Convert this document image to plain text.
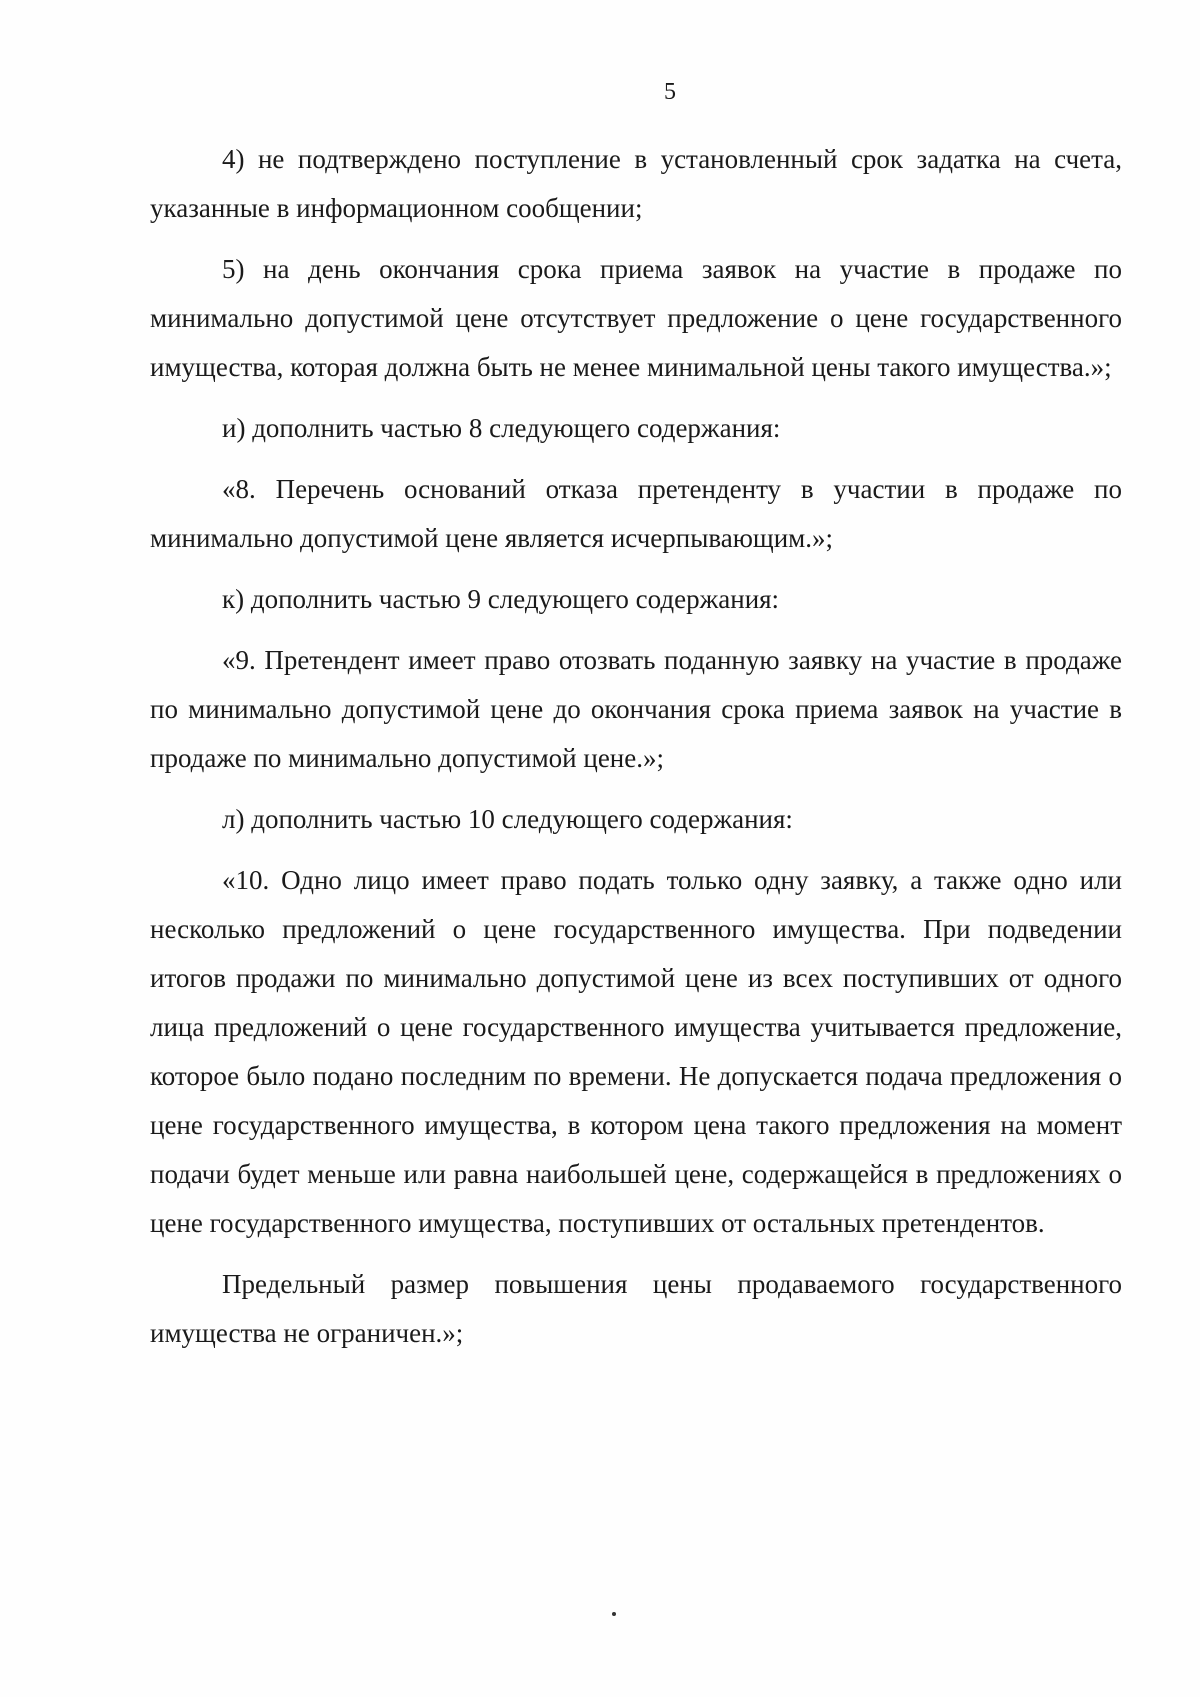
5

4) не подтверждено поступление в установленный срок задатка на счета, указанные в информационном сообщении;

5) на день окончания срока приема заявок на участие в продаже по минимально допустимой цене отсутствует предложение о цене государственного имущества, которая должна быть не менее минимальной цены такого имущества.»;

и) дополнить частью 8 следующего содержания:

«8. Перечень оснований отказа претенденту в участии в продаже по минимально допустимой цене является исчерпывающим.»;

к) дополнить частью 9 следующего содержания:

«9. Претендент имеет право отозвать поданную заявку на участие в продаже по минимально допустимой цене до окончания срока приема заявок на участие в продаже по минимально допустимой цене.»;

л) дополнить частью 10 следующего содержания:

«10. Одно лицо имеет право подать только одну заявку, а также одно или несколько предложений о цене государственного имущества. При подведении итогов продажи по минимально допустимой цене из всех поступивших от одного лица предложений о цене государственного имущества учитывается предложение, которое было подано последним по времени. Не допускается подача предложения о цене государственного имущества, в котором цена такого предложения на момент подачи будет меньше или равна наибольшей цене, содержащейся в предложениях о цене государственного имущества, поступивших от остальных претендентов.

Предельный размер повышения цены продаваемого государственного имущества не ограничен.»;
